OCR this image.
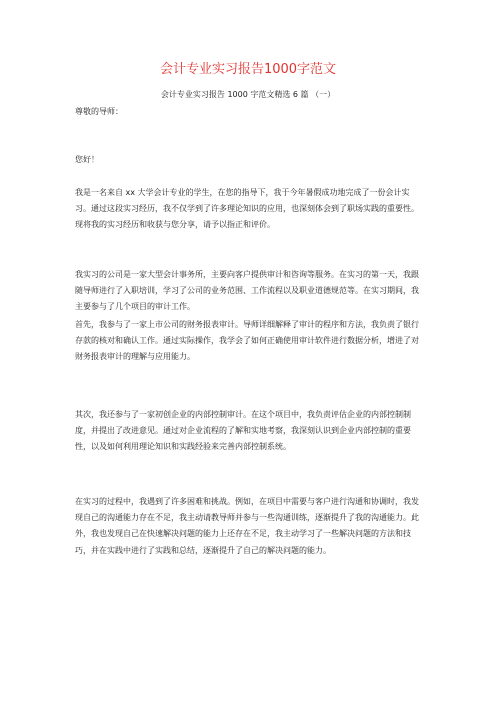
会计专业实习报告1000字范文
会计专业实习报告 1000 字范文精选 6 篇 （一）

尊敬的导师：

您好！

我是一名来自 xx 大学会计专业的学生，在您的指导下，我于今年暑假成功地完成了一份会计实习。通过这段实习经历，我不仅学到了许多理论知识的应用，也深刻体会到了职场实践的重要性。现将我的实习经历和收获与您分享，请予以指正和评价。

我实习的公司是一家大型会计事务所，主要向客户提供审计和咨询等服务。在实习的第一天，我跟随导师进行了入职培训，学习了公司的业务范围、工作流程以及职业道德规范等。在实习期间，我主要参与了几个项目的审计工作。

首先，我参与了一家上市公司的财务报表审计。导师详细解释了审计的程序和方法，我负责了银行存款的核对和确认工作。通过实际操作，我学会了如何正确使用审计软件进行数据分析，增进了对财务报表审计的理解与应用能力。

其次，我还参与了一家初创企业的内部控制审计。在这个项目中，我负责评估企业的内部控制制度，并提出了改进意见。通过对企业流程的了解和实地考察，我深刻认识到企业内部控制的重要性，以及如何利用理论知识和实践经验来完善内部控制系统。

在实习的过程中，我遇到了许多困难和挑战。例如，在项目中需要与客户进行沟通和协调时，我发现自己的沟通能力存在不足，我主动请教导师并参与一些沟通训练，逐渐提升了我的沟通能力。此外，我也发现自己在快速解决问题的能力上还存在不足，我主动学习了一些解决问题的方法和技巧，并在实践中进行了实践和总结，逐渐提升了自己的解决问题的能力。
